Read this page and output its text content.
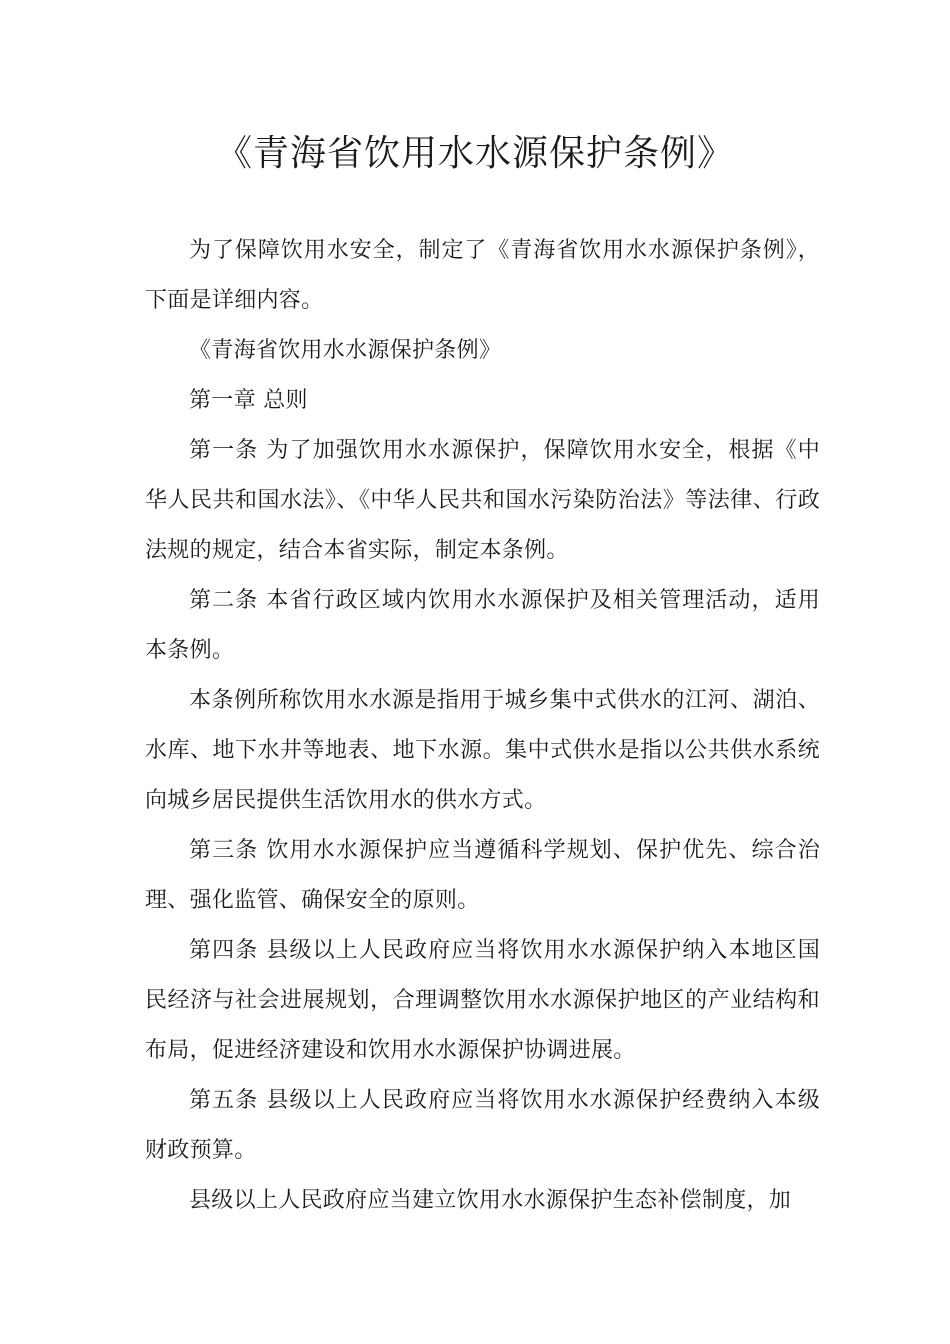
《青海省饮用水水源保护条例》

为了保障饮用水安全，制定了《青海省饮用水水源保护条例》，下面是详细内容。

《青海省饮用水水源保护条例》

第一章 总则

第一条 为了加强饮用水水源保护，保障饮用水安全，根据《中华人民共和国水法》、《中华人民共和国水污染防治法》等法律、行政法规的规定，结合本省实际，制定本条例。

第二条 本省行政区域内饮用水水源保护及相关管理活动，适用本条例。

本条例所称饮用水水源是指用于城乡集中式供水的江河、湖泊、水库、地下水井等地表、地下水源。集中式供水是指以公共供水系统向城乡居民提供生活饮用水的供水方式。

第三条 饮用水水源保护应当遵循科学规划、保护优先、综合治理、强化监管、确保安全的原则。

第四条 县级以上人民政府应当将饮用水水源保护纳入本地区国民经济与社会进展规划，合理调整饮用水水源保护地区的产业结构和布局，促进经济建设和饮用水水源保护协调进展。

第五条 县级以上人民政府应当将饮用水水源保护经费纳入本级财政预算。

县级以上人民政府应当建立饮用水水源保护生态补偿制度，加
